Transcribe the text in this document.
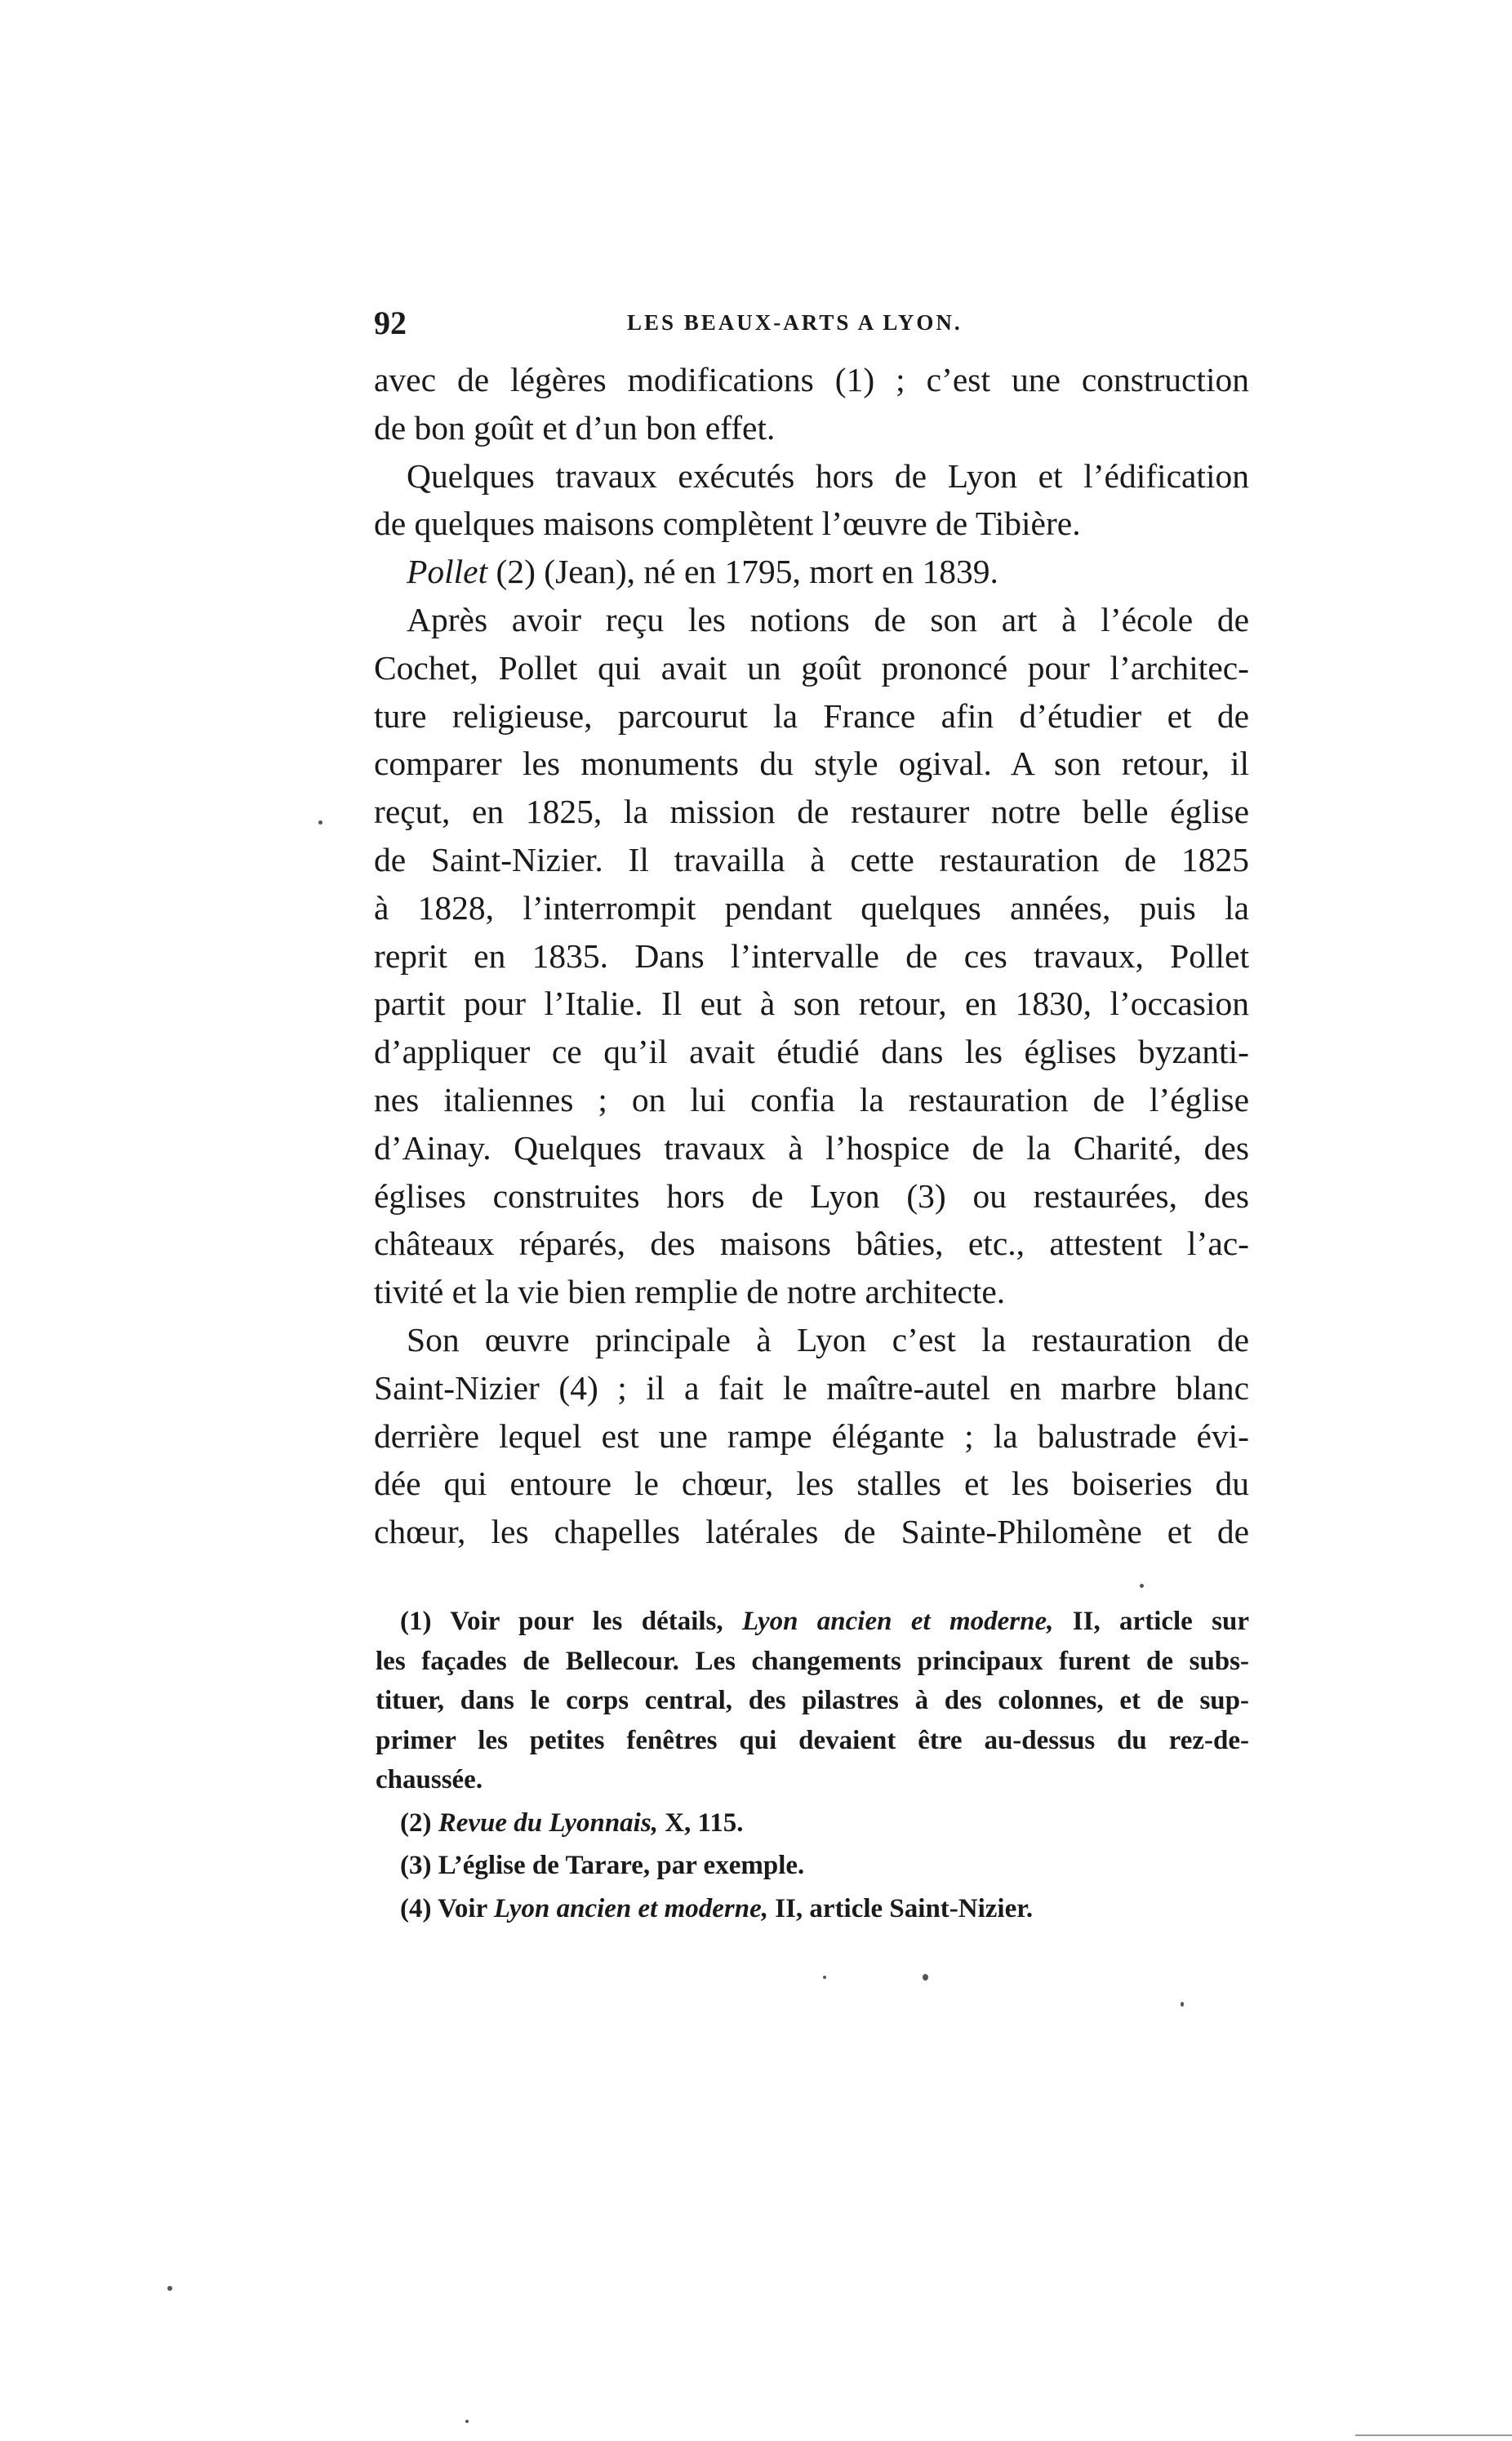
92	LES BEAUX-ARTS A LYON.
avec de légères modifications (1) ; c’est une construction
de bon goût et d’un bon effet.
Quelques travaux exécutés hors de Lyon et l’édification
de quelques maisons complètent l’œuvre de Tibière.
Pollet (2) (Jean), né en 1795, mort en 1839.
Après avoir reçu les notions de son art à l’école de
Cochet, Pollet qui avait un goût prononcé pour l’architec-
ture religieuse, parcourut la France afin d’étudier et de
comparer les monuments du style ogival. A son retour, il
reçut, en 1825, la mission de restaurer notre belle église
de Saint-Nizier. Il travailla à cette restauration de 1825
à 1828, l’interrompit pendant quelques années, puis la
reprit en 1835. Dans l’intervalle de ces travaux, Pollet
partit pour l’Italie. Il eut à son retour, en 1830, l’occasion
d’appliquer ce qu’il avait étudié dans les églises byzanti-
nes italiennes ; on lui confia la restauration de l’église
d’Ainay. Quelques travaux à l’hospice de la Charité, des
églises construites hors de Lyon (3) ou restaurées, des
châteaux réparés, des maisons bâties, etc., attestent l’ac-
tivité et la vie bien remplie de notre architecte.
Son œuvre principale à Lyon c’est la restauration de
Saint-Nizier (4) ; il a fait le maître-autel en marbre blanc
derrière lequel est une rampe élégante ; la balustrade évi-
dée qui entoure le chœur, les stalles et les boiseries du
chœur, les chapelles latérales de Sainte-Philomène et de
(1) Voir pour les détails, Lyon ancien et moderne, II, article sur
les façades de Bellecour. Les changements principaux furent de subs-
tituer, dans le corps central, des pilastres à des colonnes, et de sup-
primer les petites fenêtres qui devaient être au-dessus du rez-de-
chaussée.
(2) Revue du Lyonnais, X, 115.
(3) L’église de Tarare, par exemple.
(4) Voir Lyon ancien et moderne, II, article Saint-Nizier.
